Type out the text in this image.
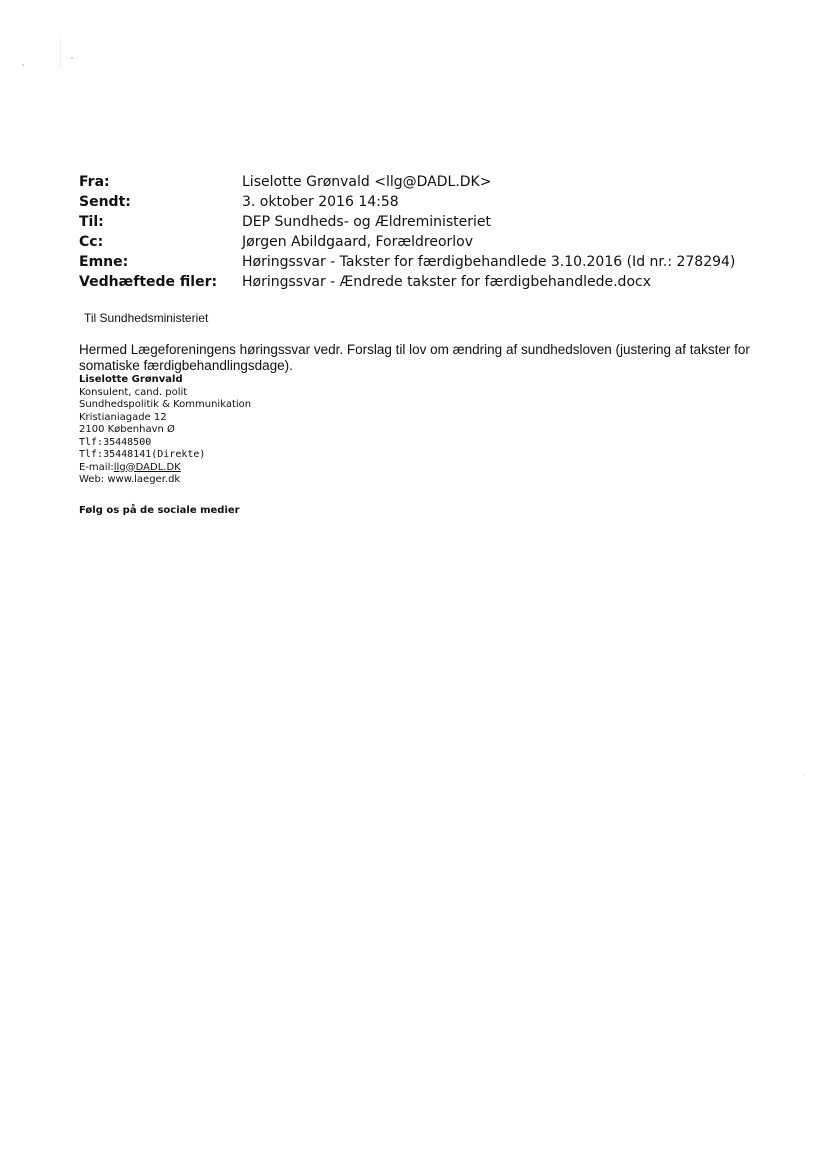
Fra:	Liselotte Grønvald <llg@DADL.DK>
Sendt:	3. oktober 2016 14:58
Til:	DEP Sundheds- og Ældreministeriet
Cc:	Jørgen Abildgaard, Forældreorlov
Emne:	Høringssvar - Takster for færdigbehandlede 3.10.2016 (Id nr.: 278294)
Vedhæftede filer:	Høringssvar - Ændrede takster for færdigbehandlede.docx
Til Sundhedsministeriet
Hermed Lægeforeningens høringssvar vedr. Forslag til lov om ændring af sundhedsloven (justering af takster for somatiske færdigbehandlingsdage).
Liselotte Grønvald
Konsulent, cand. polit
Sundhedspolitik & Kommunikation
Kristianiagade 12
2100 København Ø
Tlf:35448500
Tlf:35448141(Direkte)
E-mail:llg@DADL.DK
Web: www.laeger.dk
Følg os på de sociale medier
